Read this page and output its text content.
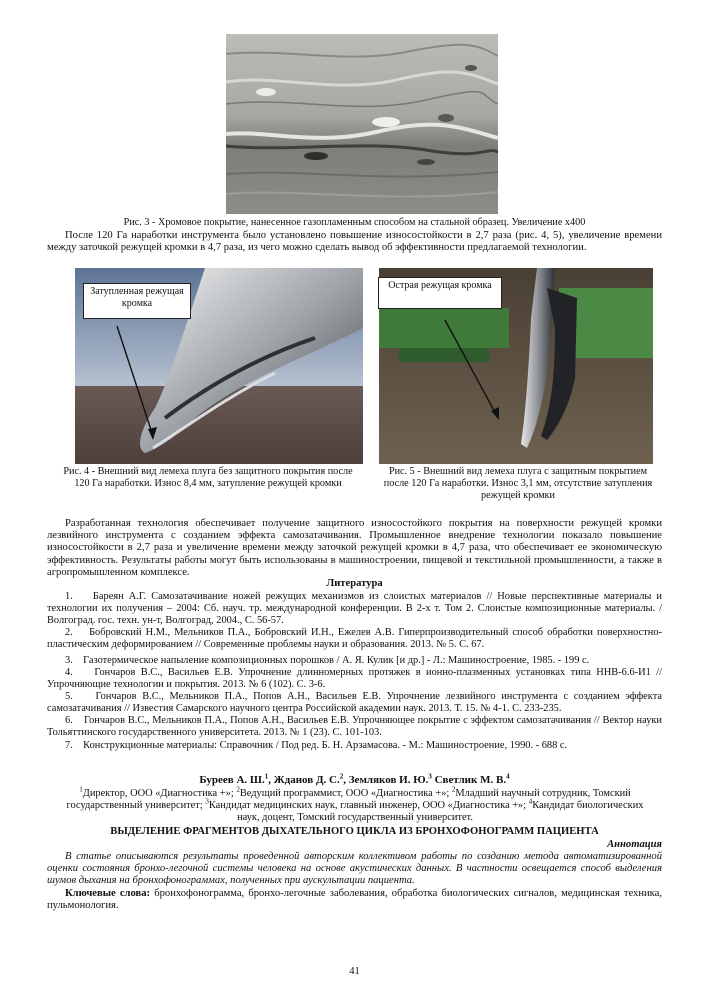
Рис. 3 - Хромовое покрытие, нанесенное газопламенным способом на стальной образец. Увеличение х400
После 120 Га наработки инструмента было установлено повышение износостойкости в 2,7 раза (рис. 4, 5), увеличение времени между заточкой режущей кромки в 4,7 раза, из чего можно сделать вывод об эффективности предлагаемой технологии.
Затупленная режущая кромка
Рис. 4 - Внешний вид лемеха плуга без защитного покрытия после 120 Га наработки. Износ 8,4 мм, затупление режущей кромки
Острая режущая кромка
Рис. 5 - Внешний вид лемеха плуга с защитным покрытием после 120 Га наработки. Износ 3,1 мм, отсутствие затупления режущей кромки
Разработанная технология обеспечивает получение защитного износостойкого покрытия на поверхности режущей кромки лезвийного инструмента с созданием эффекта самозатачивания. Промышленное внедрение технологии показало повышение износостойкости в 2,7 раза и увеличение времени между заточкой режущей кромки в 4,7 раза, что обеспечивает ее экономическую эффективность. Результаты работы могут быть использованы в машиностроении, пищевой и текстильной промышленности, а также в агропромышленном комплексе.
Литература
1.    Бареян А.Г. Самозатачивание ножей режущих механизмов из слоистых материалов // Новые перспективные материалы и технологии их получения – 2004: Сб. науч. тр. международной конференции. В 2-х т. Том 2. Слоистые композиционные материалы. / Волгоград. гос. техн. ун-т, Волгоград, 2004., С. 56-57.
2.    Бобровский Н.М., Мельников П.А., Бобровский И.Н., Ежелев А.В. Гиперпроизводительный способ обработки поверхностно-пластическим деформированием // Современные проблемы науки и образования. 2013. № 5. С. 67.
3.    Газотермическое напыление композиционных порошков / А. Я. Кулик [и др.] - Л.: Машиностроение, 1985. - 199 с.
4.    Гончаров В.С., Васильев Е.В. Упрочнение длинномерных протяжек в ионно-плазменных установках типа ННВ-6.6-И1 // Упрочняющие технологии и покрытия. 2013. № 6 (102). С. 3-6.
5.    Гончаров В.С., Мельников П.А., Попов А.Н., Васильев Е.В. Упрочнение лезвийного инструмента с созданием эффекта самозатачивания // Известия Самарского научного центра Российской академии наук. 2013. Т. 15. № 4-1. С. 233-235.
6.    Гончаров В.С., Мельников П.А., Попов А.Н., Васильев Е.В. Упрочняющее покрытие с эффектом самозатачивания // Вектор науки Тольяттинского государственного университета. 2013. № 1 (23). С. 101-103.
7.    Конструкционные материалы: Справочник / Под ред. Б. Н. Арзамасова. - М.: Машиностроение, 1990. - 688 с.
Буреев А. Ш.$^1$, Жданов Д. С.$^2$, Земляков И. Ю.$^3$ Светлик М. В.$^4$
$^1$Директор, ООО «Диагностика +»; $^2$Ведущий программист, ООО «Диагностика +»; $^2$Младший научный сотрудник, Томский государственный университет; $^3$Кандидат медицинских наук, главный инженер, ООО «Диагностика +»; $^4$Кандидат биологических наук, доцент, Томский государственный университет.
ВЫДЕЛЕНИЕ ФРАГМЕНТОВ ДЫХАТЕЛЬНОГО ЦИКЛА ИЗ БРОНХОФОНОГРАММ ПАЦИЕНТА
Аннотация
В статье описываются результаты проведенной авторским коллективом работы по созданию метода автоматизированной оценки состояния бронхо-легочной системы человека на основе акустических данных. В частности освещается способ выделения шумов дыхания на бронхофонограммах, полученных при аускультации пациента.
Ключевые слова: бронхофонограмма, бронхо-легочные заболевания, обработка биологических сигналов, медицинская техника, пульмонология.
41
